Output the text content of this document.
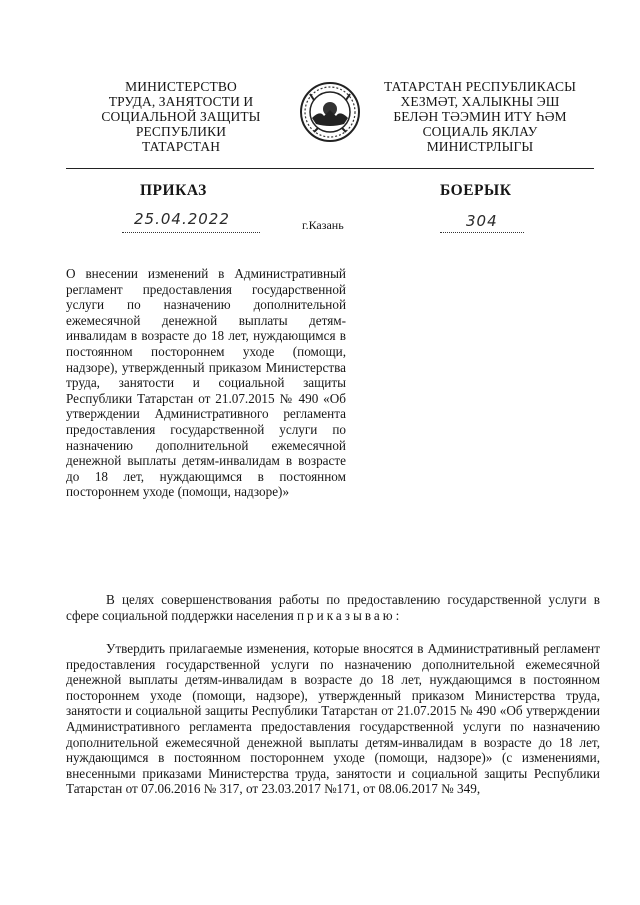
МИНИСТЕРСТВО
ТРУДА, ЗАНЯТОСТИ И
СОЦИАЛЬНОЙ ЗАЩИТЫ
РЕСПУБЛИКИ
ТАТАРСТАН
ТАТАРСТАН РЕСПУБЛИКАСЫ
ХЕЗМӘТ, ХАЛЫКНЫ ЭШ
БЕЛӘН ТӘЭМИН ИТҮ ҺӘМ
СОЦИАЛЬ ЯКЛАУ
МИНИСТРЛЫГЫ
ПРИКАЗ	БОЕРЫК
25.04.2022	г.Казань	304
О внесении изменений в Административный регламент предоставления государственной услуги по назначению дополнительной ежемесячной денежной выплаты детям-инвалидам в возрасте до 18 лет, нуждающимся в постоянном постороннем уходе (помощи, надзоре), утвержденный приказом Министерства труда, занятости и социальной защиты Республики Татарстан от 21.07.2015 № 490 «Об утверждении Административного регламента предоставления государственной услуги по назначению дополнительной ежемесячной денежной выплаты детям-инвалидам в возрасте до 18 лет, нуждающимся в постоянном постороннем уходе (помощи, надзоре)»
В целях совершенствования работы по предоставлению государственной услуги в сфере социальной поддержки населения приказываю:
Утвердить прилагаемые изменения, которые вносятся в Административный регламент предоставления государственной услуги по назначению дополнительной ежемесячной денежной выплаты детям-инвалидам в возрасте до 18 лет, нуждающимся в постоянном постороннем уходе (помощи, надзоре), утвержденный приказом Министерства труда, занятости и социальной защиты Республики Татарстан от 21.07.2015 № 490 «Об утверждении Административного регламента предоставления государственной услуги по назначению дополнительной ежемесячной денежной выплаты детям-инвалидам в возрасте до 18 лет, нуждающимся в постоянном постороннем уходе (помощи, надзоре)» (с изменениями, внесенными приказами Министерства труда, занятости и социальной защиты Республики Татарстан от 07.06.2016 № 317, от 23.03.2017 №171, от 08.06.2017 № 349,
